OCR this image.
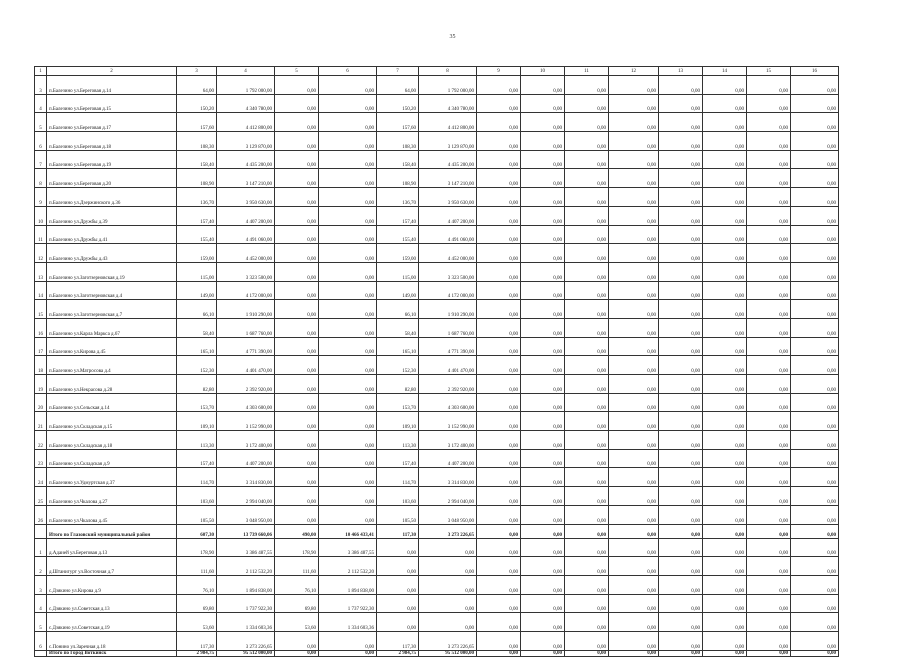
35
1	2	3	4	5	6	7	8	9	10	11	12	13	14	15	16
3	п.Балезино ул.Береговая д.14	64,00	1 792 000,00	0,00	0,00	64,00	1 792 000,00	0,00	0,00	0,00	0,00	0,00	0,00	0,00	0,00
4	п.Балезино ул.Береговая д.15	150,20	4 340 780,00	0,00	0,00	150,20	4 340 780,00	0,00	0,00	0,00	0,00	0,00	0,00	0,00	0,00
5	п.Балезино ул.Береговая д.17	157,60	4 412 800,00	0,00	0,00	157,60	4 412 800,00	0,00	0,00	0,00	0,00	0,00	0,00	0,00	0,00
6	п.Балезино ул.Береговая д.18	108,30	3 129 870,00	0,00	0,00	108,30	3 129 870,00	0,00	0,00	0,00	0,00	0,00	0,00	0,00	0,00
7	п.Балезино ул.Береговая д.19	158,40	4 435 200,00	0,00	0,00	158,40	4 435 200,00	0,00	0,00	0,00	0,00	0,00	0,00	0,00	0,00
8	п.Балезино ул.Береговая д.20	108,90	3 147 210,00	0,00	0,00	108,90	3 147 210,00	0,00	0,00	0,00	0,00	0,00	0,00	0,00	0,00
9	п.Балезино ул.Дзержинского д.36	136,70	3 950 630,00	0,00	0,00	136,70	3 950 630,00	0,00	0,00	0,00	0,00	0,00	0,00	0,00	0,00
10	п.Балезино ул.Дружбы д.39	157,40	4 407 200,00	0,00	0,00	157,40	4 407 200,00	0,00	0,00	0,00	0,00	0,00	0,00	0,00	0,00
11	п.Балезино ул.Дружбы д.41	155,40	4 491 060,00	0,00	0,00	155,40	4 491 060,00	0,00	0,00	0,00	0,00	0,00	0,00	0,00	0,00
12	п.Балезино ул.Дружбы д.43	159,00	4 452 000,00	0,00	0,00	159,00	4 452 000,00	0,00	0,00	0,00	0,00	0,00	0,00	0,00	0,00
13	п.Балезино ул.Заготзерновская д.19	115,00	3 323 500,00	0,00	0,00	115,00	3 323 500,00	0,00	0,00	0,00	0,00	0,00	0,00	0,00	0,00
14	п.Балезино ул.Заготзерновская д.4	149,00	4 172 000,00	0,00	0,00	149,00	4 172 000,00	0,00	0,00	0,00	0,00	0,00	0,00	0,00	0,00
15	п.Балезино ул.Заготзерновская д.7	66,10	1 910 290,00	0,00	0,00	66,10	1 910 290,00	0,00	0,00	0,00	0,00	0,00	0,00	0,00	0,00
16	п.Балезино ул.Карла Маркса д.67	58,40	1 687 760,00	0,00	0,00	58,40	1 687 760,00	0,00	0,00	0,00	0,00	0,00	0,00	0,00	0,00
17	п.Балезино ул.Кирова д.45	165,10	4 771 390,00	0,00	0,00	165,10	4 771 390,00	0,00	0,00	0,00	0,00	0,00	0,00	0,00	0,00
18	п.Балезино ул.Матросова д.4	152,30	4 401 470,00	0,00	0,00	152,30	4 401 470,00	0,00	0,00	0,00	0,00	0,00	0,00	0,00	0,00
19	п.Балезино ул.Некрасова д.28	82,80	2 392 920,00	0,00	0,00	82,80	2 392 920,00	0,00	0,00	0,00	0,00	0,00	0,00	0,00	0,00
20	п.Балезино ул.Сельская д.14	153,70	4 303 600,00	0,00	0,00	153,70	4 303 600,00	0,00	0,00	0,00	0,00	0,00	0,00	0,00	0,00
21	п.Балезино ул.Складская д.15	109,10	3 152 990,00	0,00	0,00	109,10	3 152 990,00	0,00	0,00	0,00	0,00	0,00	0,00	0,00	0,00
22	п.Балезино ул.Складская д.18	113,30	3 172 400,00	0,00	0,00	113,30	3 172 400,00	0,00	0,00	0,00	0,00	0,00	0,00	0,00	0,00
23	п.Балезино ул.Складская д.9	157,40	4 407 200,00	0,00	0,00	157,40	4 407 200,00	0,00	0,00	0,00	0,00	0,00	0,00	0,00	0,00
24	п.Балезино ул.Удмуртская д.37	114,70	3 314 830,00	0,00	0,00	114,70	3 314 830,00	0,00	0,00	0,00	0,00	0,00	0,00	0,00	0,00
25	п.Балезино ул.Чкалова д.27	103,60	2 994 040,00	0,00	0,00	103,60	2 994 040,00	0,00	0,00	0,00	0,00	0,00	0,00	0,00	0,00
26	п.Балезино ул.Чкалова д.45	105,50	3 048 950,00	0,00	0,00	105,50	3 048 950,00	0,00	0,00	0,00	0,00	0,00	0,00	0,00	0,00
	Итого по Глазовский муниципальный район	607,30	13 739 660,06	490,00	10 466 433,41	117,30	3 273 226,65	0,00	0,00	0,00	0,00	0,00	0,00	0,00	0,00
1	д.Адаией ул.Береговая д.13	178,90	3 386 487,55	178,90	3 386 487,55	0,00	0,00	0,00	0,00	0,00	0,00	0,00	0,00	0,00	0,00
2	д.Штанигурт ул.Восточная д.7	111,60	2 112 532,20	111,60	2 112 532,20	0,00	0,00	0,00	0,00	0,00	0,00	0,00	0,00	0,00	0,00
3	с.Дзякино ул.Кирова д.9	76,10	1 894 838,00	76,10	1 894 838,00	0,00	0,00	0,00	0,00	0,00	0,00	0,00	0,00	0,00	0,00
4	с.Дзякино ул.Советская д.13	69,80	1 737 922,30	69,80	1 737 922,30	0,00	0,00	0,00	0,00	0,00	0,00	0,00	0,00	0,00	0,00
5	с.Дзякино ул.Советская д.19	53,60	1 334 603,36	53,60	1 334 603,36	0,00	0,00	0,00	0,00	0,00	0,00	0,00	0,00	0,00	0,00
6	с.Понино ул.Заречная д.18	117,30	3 273 226,65	0,00	0,00	117,30	3 273 226,65	0,00	0,00	0,00	0,00	0,00	0,00	0,00	0,00
	Итого по Город Воткинск	2 984,75	95 512 000,00	0,00	0,00	2 984,75	95 512 000,00	0,00	0,00	0,00	0,00	0,00	0,00	0,00	0,00
